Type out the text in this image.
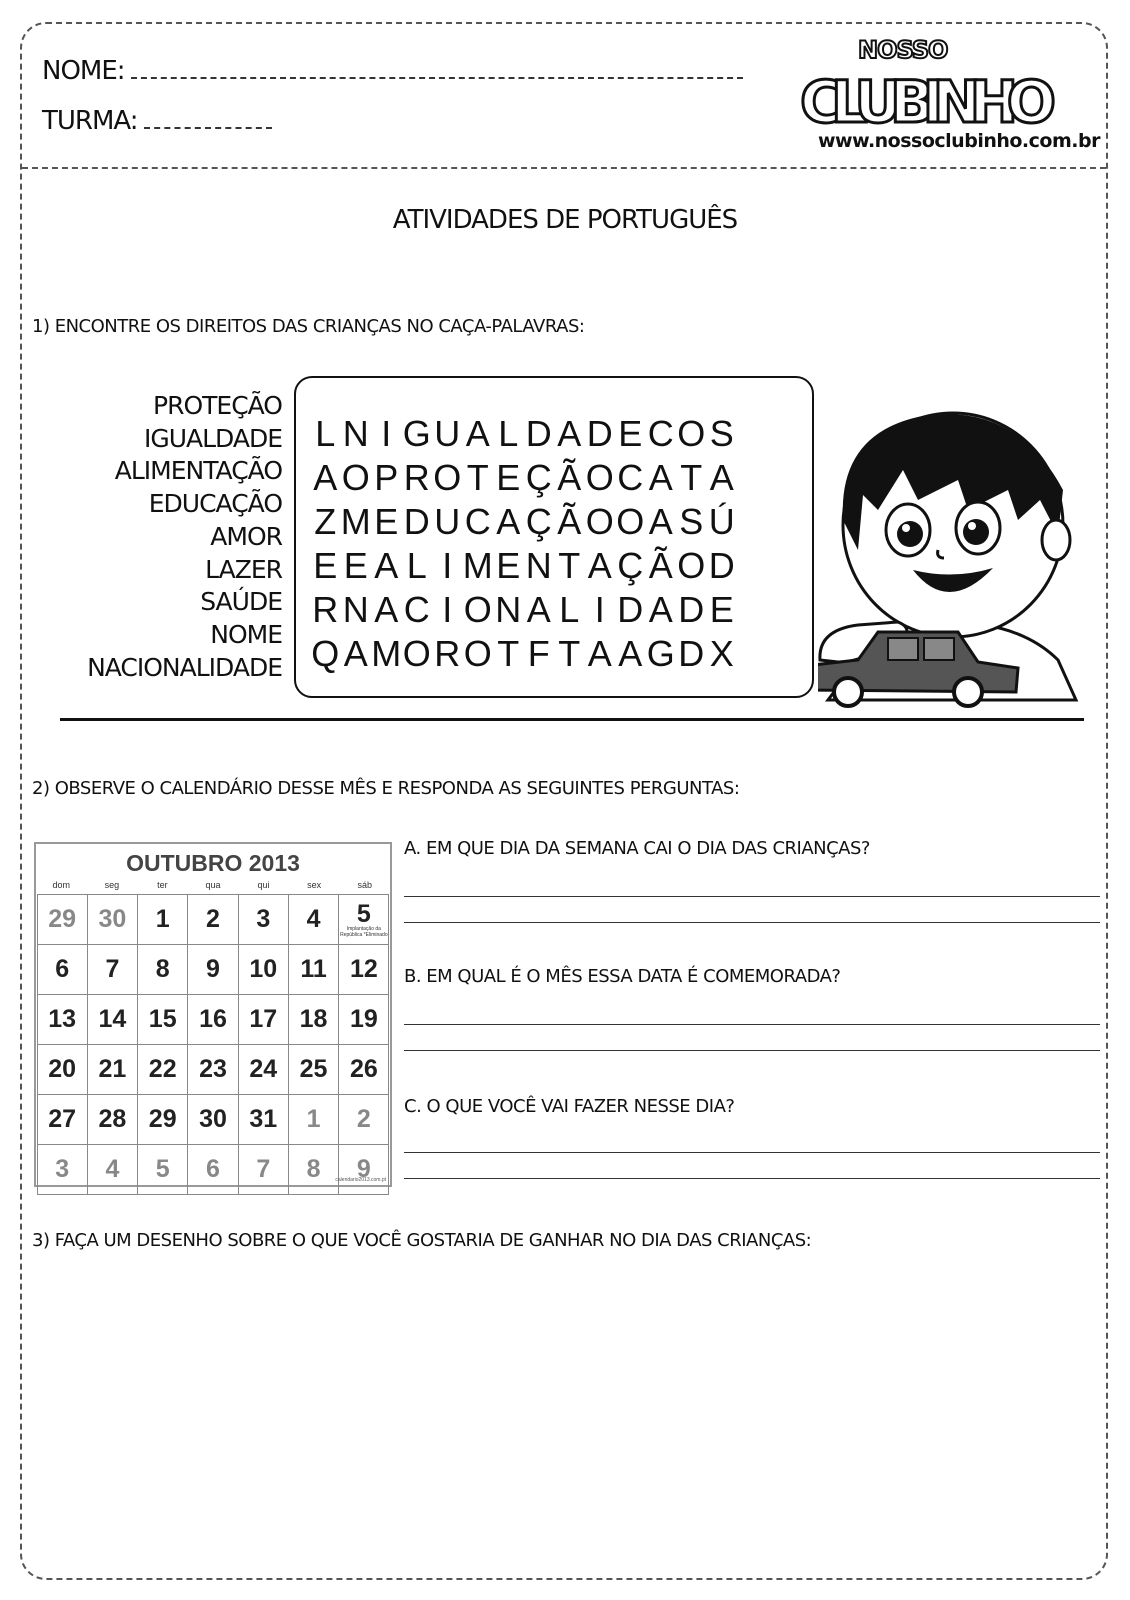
NOME:
TURMA:
NOSSO
CLUBINHO
www.nossoclubinho.com.br
ATIVIDADES DE PORTUGUÊS
1) ENCONTRE OS DIREITOS DAS CRIANÇAS NO CAÇA-PALAVRAS:
PROTEÇÃO
IGUALDADE
ALIMENTAÇÃO
EDUCAÇÃO
AMOR
LAZER
SAÚDE
NOME
NACIONALIDADE
L N I G U A L D A D E C O S
A O P R O T E Ç Ã O C A T A
Z M E D U C A Ç Ã O O A S Ú
E E A L I M E N T A Ç Ã O D
R N A C I O N A L I D A D E
Q A M O R O T F T A A G D X
2) OBSERVE O CALENDÁRIO DESSE MÊS E RESPONDA AS SEGUINTES PERGUNTAS:
OUTUBRO 2013
dom	seg	ter	qua	qui	sex	sáb
29 30 1 2 3 4 5
Implantação da República *Eliminado
6 7 8 9 10 11 12
13 14 15 16 17 18 19
20 21 22 23 24 25 26
27 28 29 30 31 1 2
3 4 5 6 7 8 9
calendario2013.com.pt
A. EM QUE DIA DA SEMANA CAI O DIA DAS CRIANÇAS?
B. EM QUAL É O MÊS ESSA DATA É COMEMORADA?
C. O QUE VOCÊ VAI FAZER NESSE DIA?
3) FAÇA UM DESENHO SOBRE O QUE VOCÊ GOSTARIA DE GANHAR NO DIA DAS CRIANÇAS:
